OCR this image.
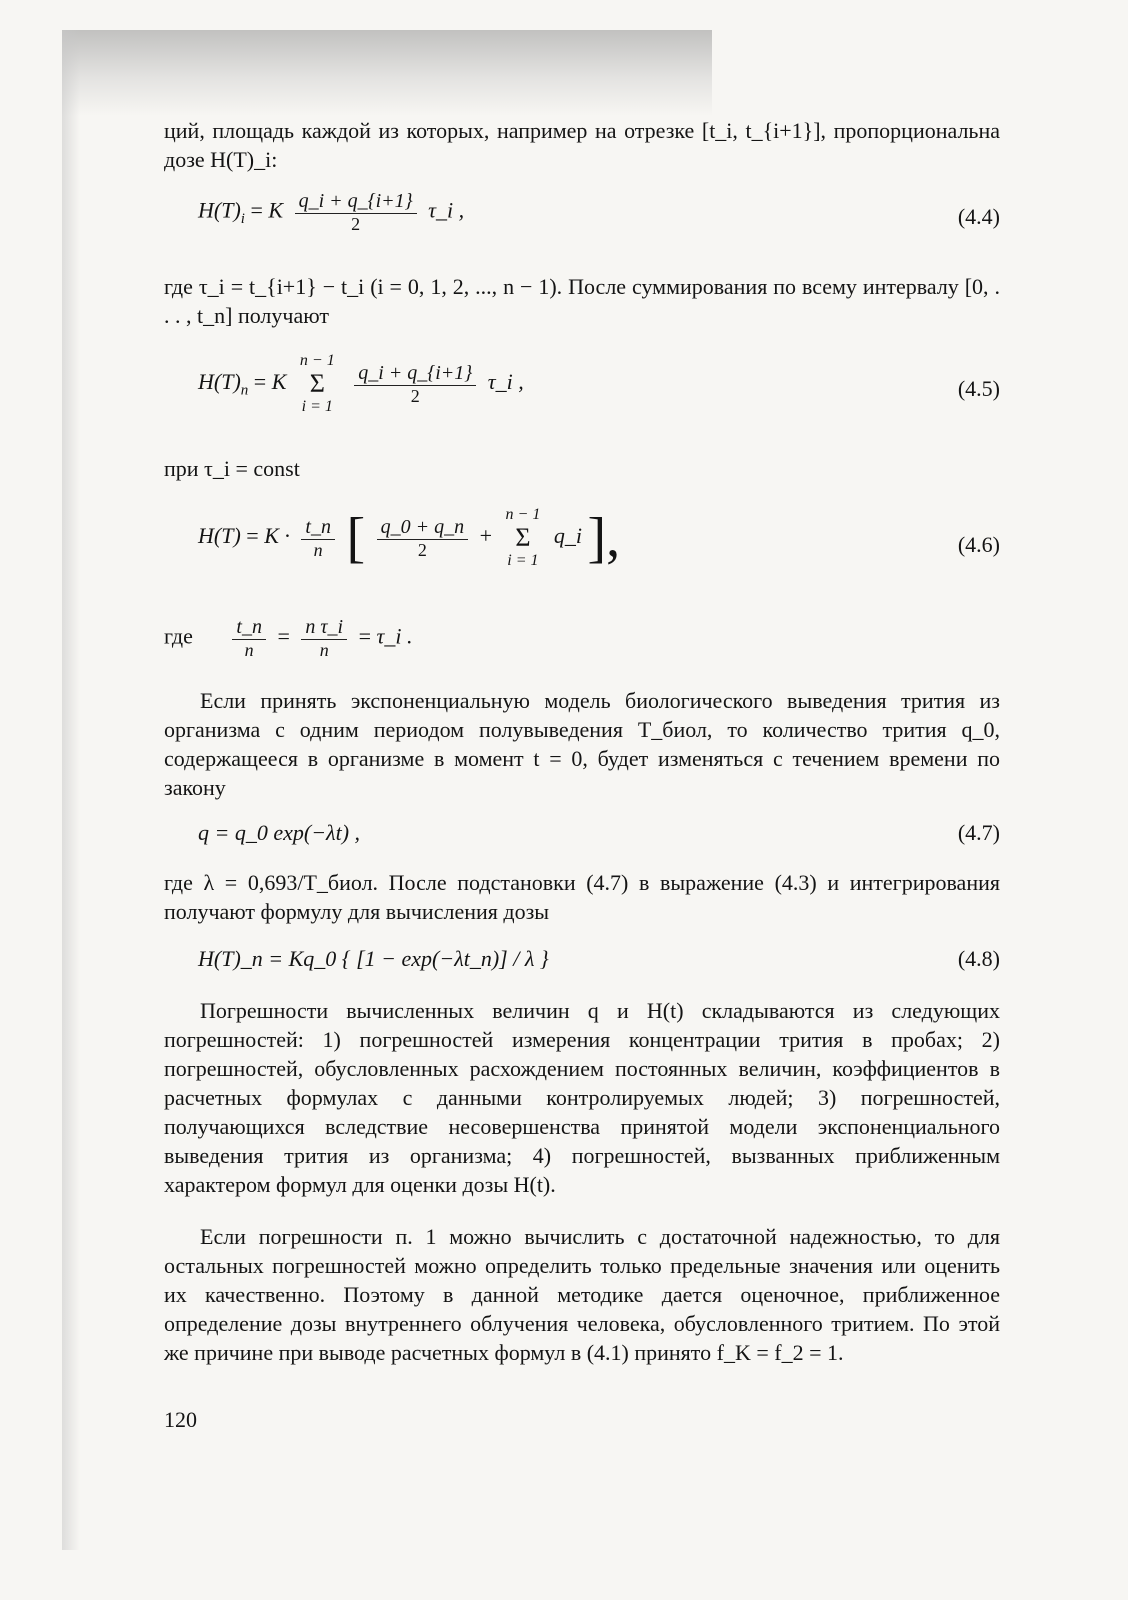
ций, площадь каждой из которых, например на отрезке [t_i, t_{i+1}], пропорциональна дозе H(T)_i:

$H(T)_i = K \frac{q\_i + q\_\{i+1\}}{2}$ τ_i ,	(4.4)

где τ_i = t_{i+1} − t_i (i = 0, 1, 2, ..., n − 1). После суммирования по всему интервалу [0, . . . , t_n] получают

$H(T)_n = K$
n − 1
Σ
i = 1
$\frac{q\_i + q\_\{i+1\}}{2}$ τ_i ,	(4.5)

при τ_i = const

$H(T) = K \cdot \frac{t\_n}{n}$ [ $\frac{q\_0 + q\_n}{2}$ +
n − 1
Σ
i = 1
q_i ],	(4.6)
где $\frac{t\_n}{n} = \frac{\text{n τ\_i}}{n}$ = τ_i .

Если принять экспоненциальную модель биологического выведения трития из организма с одним периодом полувыведения T_биол, то количество трития q_0, содержащееся в организме в момент t = 0, будет изменяться с течением времени по закону

q = q_0 exp(−λt) ,	(4.7)

где λ = 0,693/T_биол. После подстановки (4.7) в выражение (4.3) и интегрирования получают формулу для вычисления дозы

H(T)_n = Kq_0 { [1 − exp(−λt_n)] / λ }	(4.8)

Погрешности вычисленных величин q и H(t) складываются из следующих погрешностей: 1) погрешностей измерения концентрации трития в пробах; 2) погрешностей, обусловленных расхождением постоянных величин, коэффициентов в расчетных формулах с данными контролируемых людей; 3) погрешностей, получающихся вследствие несовершенства принятой модели экспоненциального выведения трития из организма; 4) погрешностей, вызванных приближенным характером формул для оценки дозы H(t).

Если погрешности п. 1 можно вычислить с достаточной надежностью, то для остальных погрешностей можно определить только предельные значения или оценить их качественно. Поэтому в данной методике дается оценочное, приближенное определение дозы внутреннего облучения человека, обусловленного тритием. По этой же причине при выводе расчетных формул в (4.1) принято f_K = f_2 = 1.

120
